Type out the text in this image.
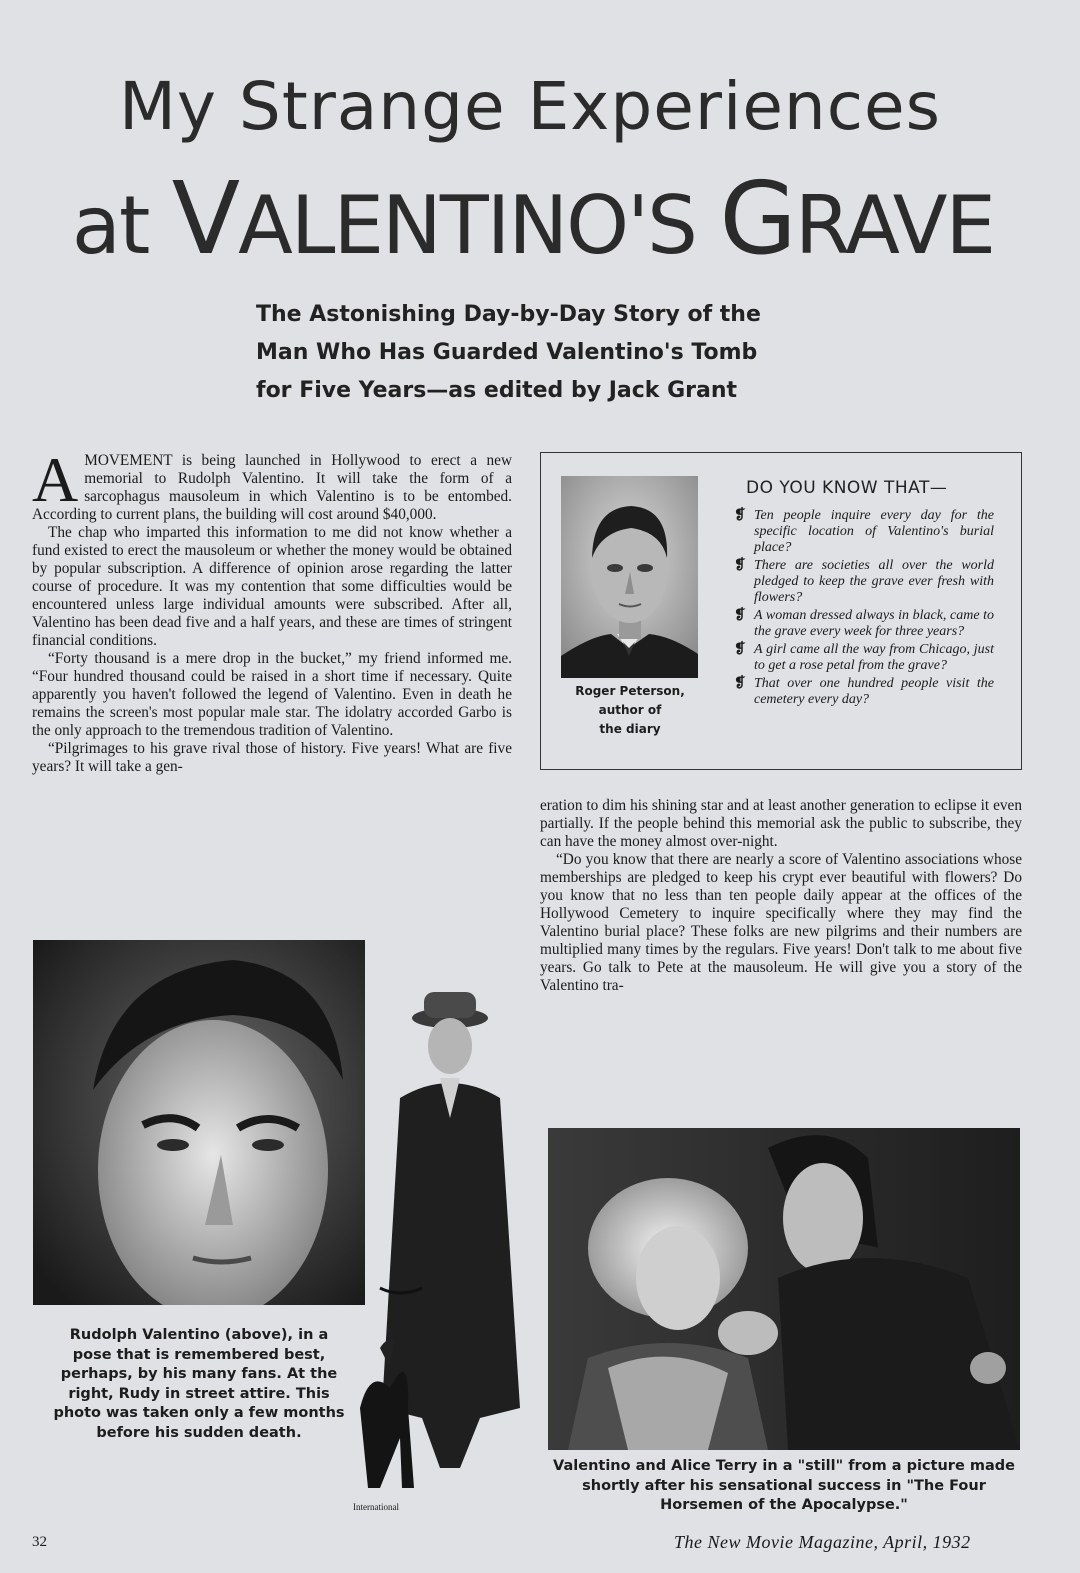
My Strange Experiences
at VALENTINO'S GRAVE
The Astonishing Day-by-Day Story of the
Man Who Has Guarded Valentino's Tomb
for Five Years—as edited by Jack Grant

AMOVEMENT is being launched in Hollywood to erect a new memorial to Rudolph Valentino. It will take the form of a sarcophagus mausoleum in which Valentino is to be entombed. According to current plans, the building will cost around $40,000.

The chap who imparted this information to me did not know whether a fund existed to erect the mausoleum or whether the money would be obtained by popular subscription. A difference of opinion arose regarding the latter course of procedure. It was my contention that some difficulties would be encountered unless large individual amounts were subscribed. After all, Valentino has been dead five and a half years, and these are times of stringent financial conditions.

“Forty thousand is a mere drop in the bucket,” my friend informed me. “Four hundred thousand could be raised in a short time if necessary. Quite apparently you haven't followed the legend of Valentino. Even in death he remains the screen's most popular male star. The idolatry accorded Garbo is the only approach to the tremendous tradition of Valentino.

“Pilgrimages to his grave rival those of history. Five years! What are five years? It will take a gen-

Roger Peterson,
author of
the diary
DO YOU KNOW THAT—
❡ Ten people inquire every day for the specific location of Valentino's burial place?
❡ There are societies all over the world pledged to keep the grave ever fresh with flowers?
❡ A woman dressed always in black, came to the grave every week for three years?
❡ A girl came all the way from Chicago, just to get a rose petal from the grave?
❡ That over one hundred people visit the cemetery every day?

eration to dim his shining star and at least another generation to eclipse it even partially. If the people behind this memorial ask the public to subscribe, they can have the money almost over-night.

“Do you know that there are nearly a score of Valentino associations whose memberships are pledged to keep his crypt ever beautiful with flowers? Do you know that no less than ten people daily appear at the offices of the Hollywood Cemetery to inquire specifically where they may find the Valentino burial place? These folks are new pilgrims and their numbers are multiplied many times by the regulars. Five years! Don't talk to me about five years. Go talk to Pete at the mausoleum. He will give you a story of the Valentino tra-

Rudolph Valentino (above), in a pose that is remembered best, perhaps, by his many fans. At the right, Rudy in street attire. This photo was taken only a few months before his sudden death.
Valentino and Alice Terry in a "still" from a picture made shortly after his sensational success in "The Four Horsemen of the Apocalypse."
International
32	The New Movie Magazine, April, 1932
